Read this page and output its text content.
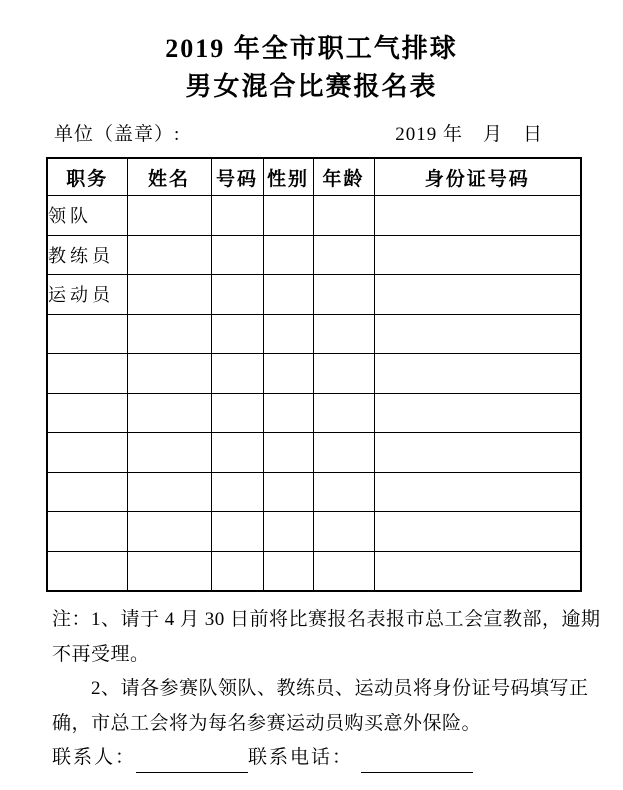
2019 年全市职工气排球
男女混合比赛报名表
单位（盖章）:	2019 年　月　日
职务	姓名	号码	性别	年龄	身份证号码
领队					
教练员					
运动员					

注：1、请于 4 月 30 日前将比赛报名表报市总工会宣教部，逾期
不再受理。
2、请各参赛队领队、教练员、运动员将身份证号码填写正
确，市总工会将为每名参赛运动员购买意外保险。
联系人：	联系电话：
